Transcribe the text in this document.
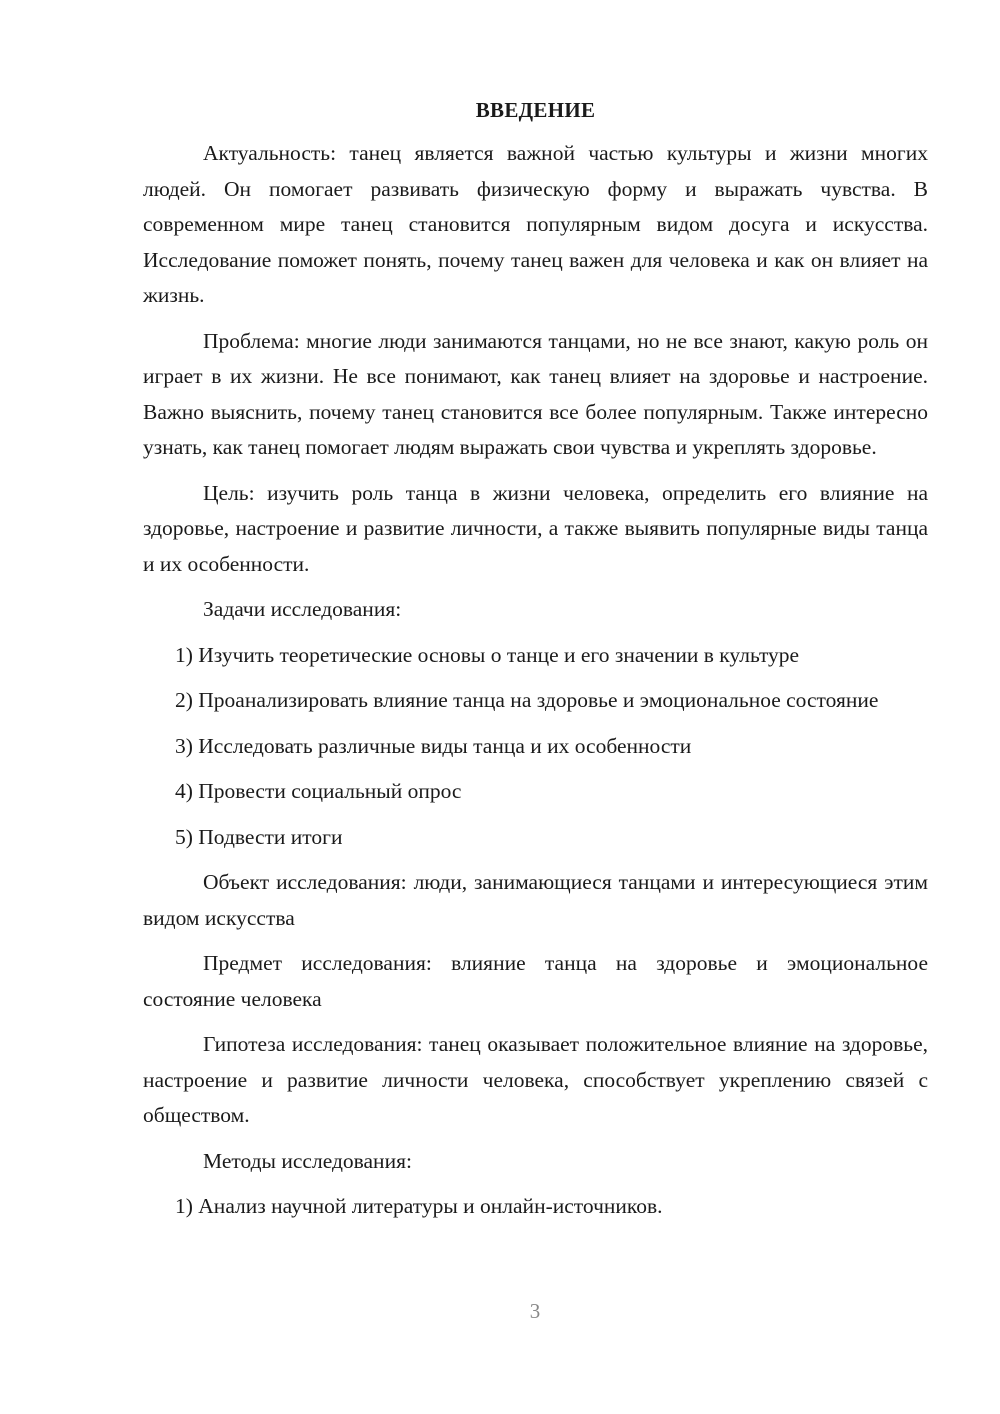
ВВЕДЕНИЕ

Актуальность: танец является важной частью культуры и жизни многих людей. Он помогает развивать физическую форму и выражать чувства. В современном мире танец становится популярным видом досуга и искусства. Исследование поможет понять, почему танец важен для человека и как он влияет на жизнь.

Проблема: многие люди занимаются танцами, но не все знают, какую роль он играет в их жизни. Не все понимают, как танец влияет на здоровье и настроение. Важно выяснить, почему танец становится все более популярным. Также интересно узнать, как танец помогает людям выражать свои чувства и укреплять здоровье.

Цель: изучить роль танца в жизни человека, определить его влияние на здоровье, настроение и развитие личности, а также выявить популярные виды танца и их особенности.

Задачи исследования:

1) Изучить теоретические основы о танце и его значении в культуре

2) Проанализировать влияние танца на здоровье и эмоциональное состояние

3) Исследовать различные виды танца и их особенности

4) Провести социальный опрос

5) Подвести итоги

Объект исследования: люди, занимающиеся танцами и интересующиеся этим видом искусства

Предмет исследования: влияние танца на здоровье и эмоциональное состояние человека

Гипотеза исследования: танец оказывает положительное влияние на здоровье, настроение и развитие личности человека, способствует укреплению связей с обществом.

Методы исследования:

1) Анализ научной литературы и онлайн-источников.

3
